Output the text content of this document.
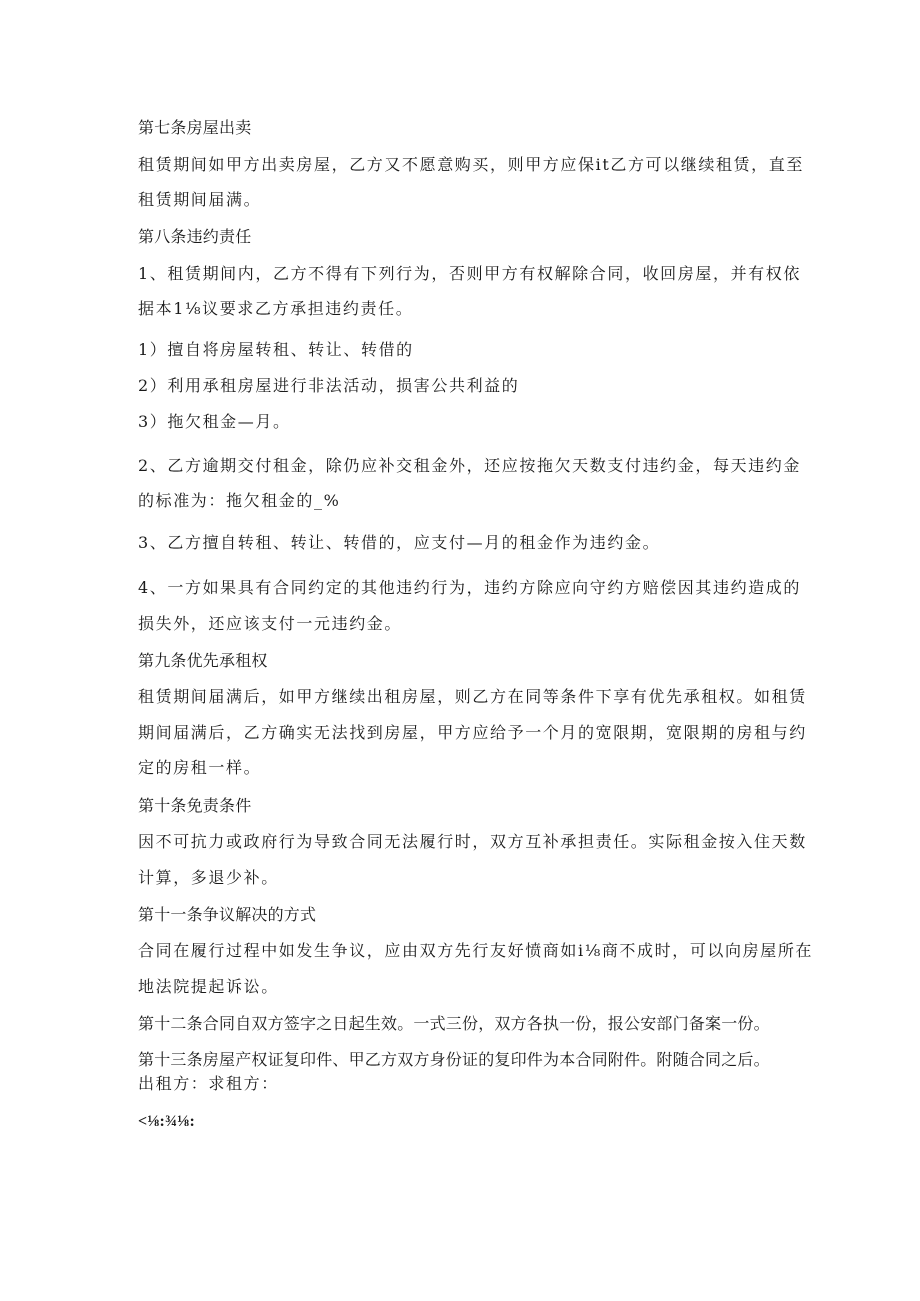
第七条房屋出卖
租赁期间如甲方出卖房屋，乙方又不愿意购买，则甲方应保it乙方可以继续租赁，直至
租赁期间届满。
第八条违约责任
1、租赁期间内，乙方不得有下列行为，否则甲方有权解除合同，收回房屋，并有权依
据本1⅛议要求乙方承担违约责任。
1）擅自将房屋转租、转让、转借的
2）利用承租房屋进行非法活动，损害公共利益的
3）拖欠租金—月。
2、乙方逾期交付租金，除仍应补交租金外，还应按拖欠天数支付违约金，每天违约金
的标准为：拖欠租金的_%
3、乙方擅自转租、转让、转借的，应支付—月的租金作为违约金。
4、一方如果具有合同约定的其他违约行为，违约方除应向守约方赔偿因其违约造成的
损失外，还应该支付一元违约金。
第九条优先承租权
租赁期间届满后，如甲方继续出租房屋，则乙方在同等条件下享有优先承租权。如租赁
期间届满后，乙方确实无法找到房屋，甲方应给予一个月的宽限期，宽限期的房租与约
定的房租一样。
第十条免责条件
因不可抗力或政府行为导致合同无法履行时，双方互补承担责任。实际租金按入住天数
计算，多退少补。
第十一条争议解决的方式
合同在履行过程中如发生争议，应由双方先行友好愤商如i⅛商不成时，可以向房屋所在
地法院提起诉讼。
第十二条合同自双方签字之日起生效。一式三份，双方各执一份，报公安部门备案一份。
第十三条房屋产权证复印件、甲乙方双方身份证的复印件为本合同附件。附随合同之后。
出租方：求租方：
<⅛:¾⅛:
